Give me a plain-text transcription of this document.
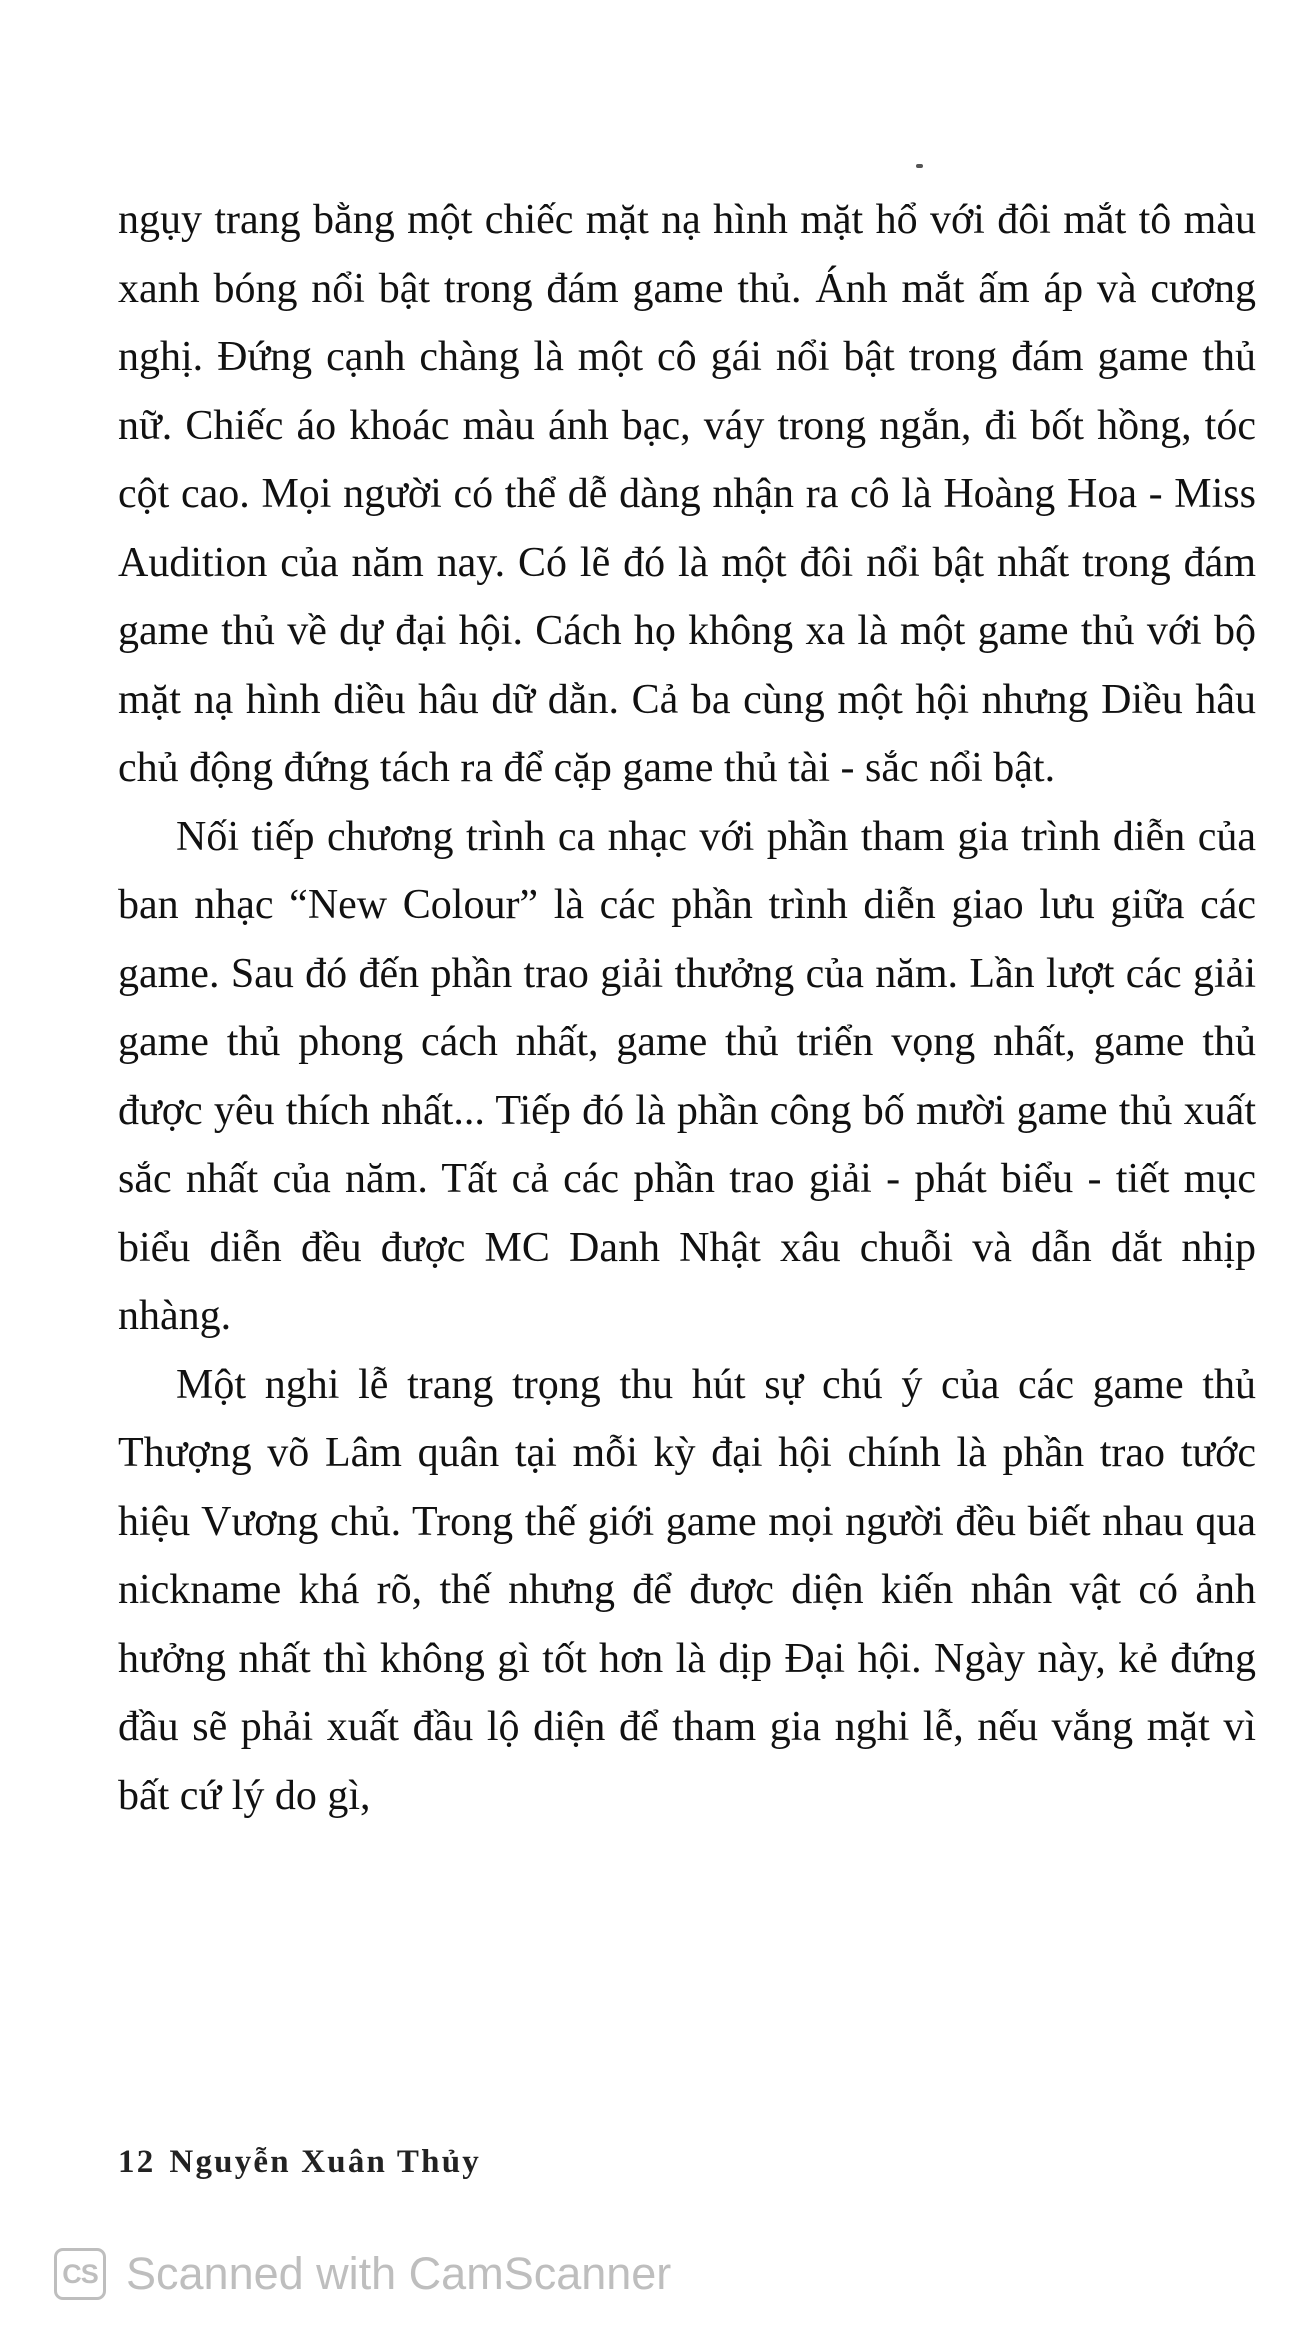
ngụy trang bằng một chiếc mặt nạ hình mặt hổ với đôi mắt tô màu xanh bóng nổi bật trong đám game thủ. Ánh mắt ấm áp và cương nghị. Đứng cạnh chàng là một cô gái nổi bật trong đám game thủ nữ. Chiếc áo khoác màu ánh bạc, váy trong ngắn, đi bốt hồng, tóc cột cao. Mọi người có thể dễ dàng nhận ra cô là Hoàng Hoa - Miss Audition của năm nay. Có lẽ đó là một đôi nổi bật nhất trong đám game thủ về dự đại hội. Cách họ không xa là một game thủ với bộ mặt nạ hình diều hâu dữ dằn. Cả ba cùng một hội nhưng Diều hâu chủ động đứng tách ra để cặp game thủ tài - sắc nổi bật.

Nối tiếp chương trình ca nhạc với phần tham gia trình diễn của ban nhạc “New Colour” là các phần trình diễn giao lưu giữa các game. Sau đó đến phần trao giải thưởng của năm. Lần lượt các giải game thủ phong cách nhất, game thủ triển vọng nhất, game thủ được yêu thích nhất... Tiếp đó là phần công bố mười game thủ xuất sắc nhất của năm. Tất cả các phần trao giải - phát biểu - tiết mục biểu diễn đều được MC Danh Nhật xâu chuỗi và dẫn dắt nhịp nhàng.

Một nghi lễ trang trọng thu hút sự chú ý của các game thủ Thượng võ Lâm quân tại mỗi kỳ đại hội chính là phần trao tước hiệu Vương chủ. Trong thế giới game mọi người đều biết nhau qua nickname khá rõ, thế nhưng để được diện kiến nhân vật có ảnh hưởng nhất thì không gì tốt hơn là dịp Đại hội. Ngày này, kẻ đứng đầu sẽ phải xuất đầu lộ diện để tham gia nghi lễ, nếu vắng mặt vì bất cứ lý do gì,

12 Nguyễn Xuân Thủy
CS Scanned with CamScanner
